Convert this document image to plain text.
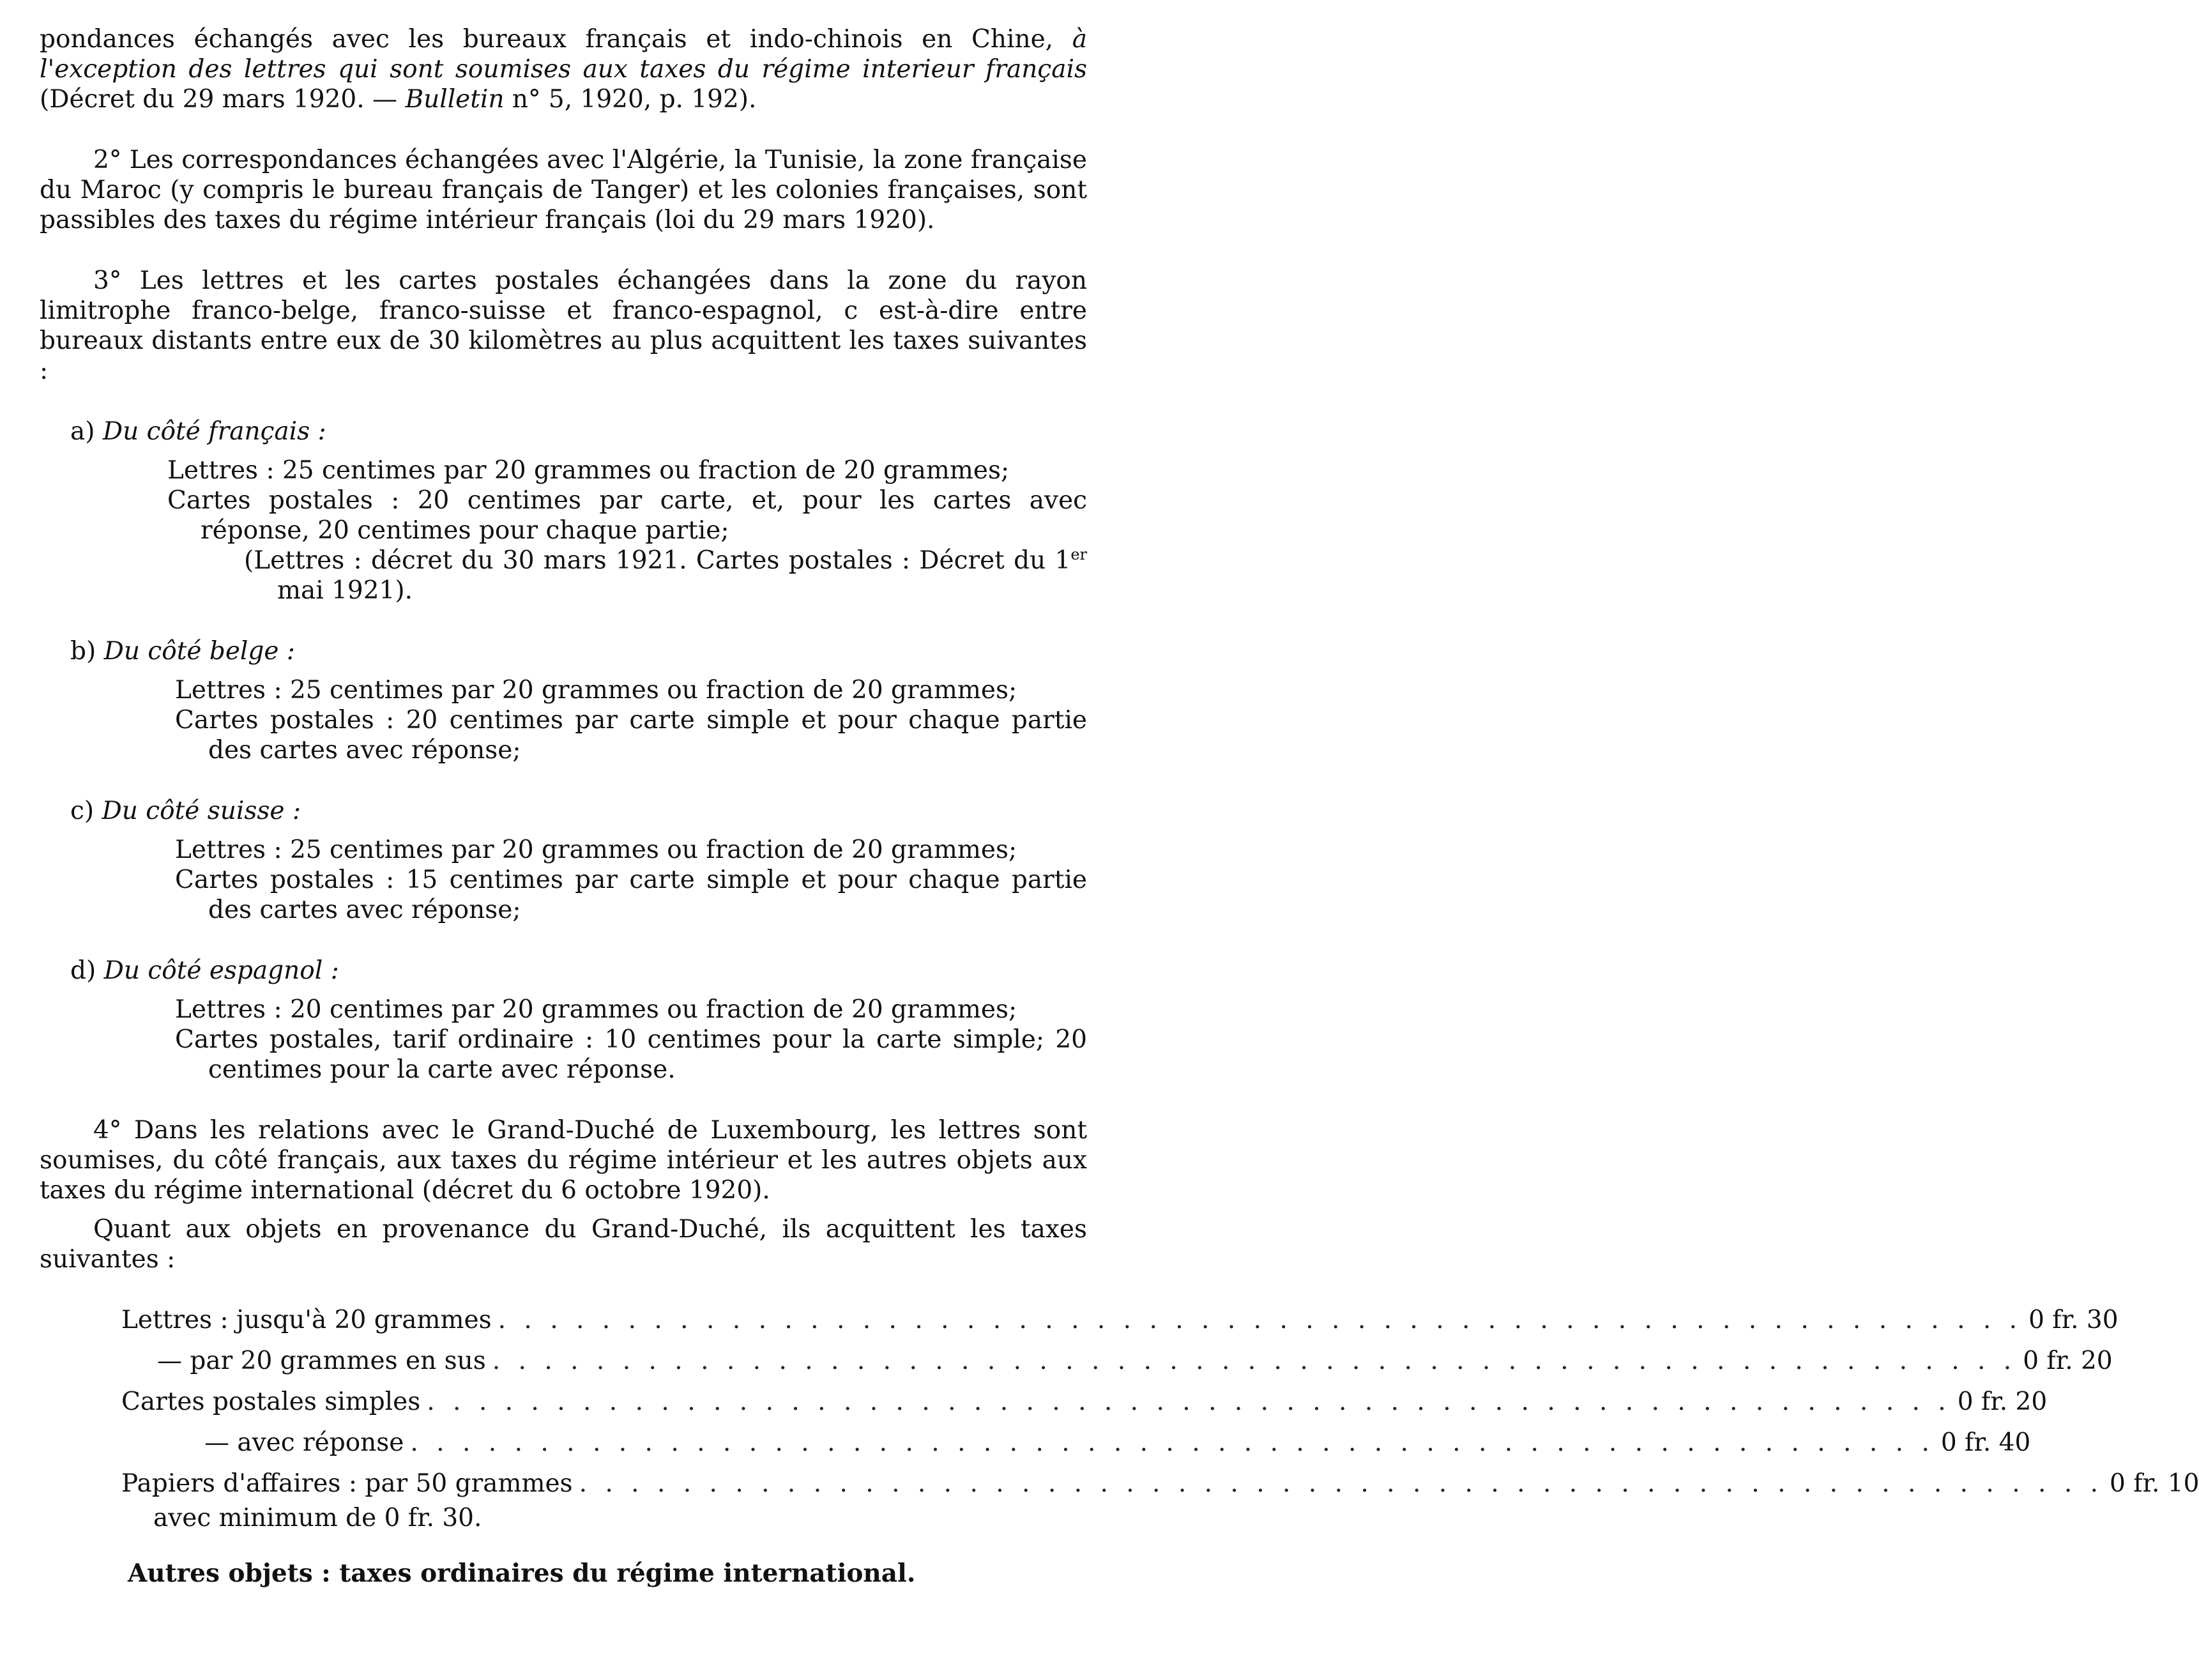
pondances échangés avec les bureaux français et indo-chinois en Chine, à l'exception des lettres qui sont soumises aux taxes du régime interieur français (Décret du 29 mars 1920. — Bulletin n° 5, 1920, p. 192).

2° Les correspondances échangées avec l'Algérie, la Tunisie, la zone française du Maroc (y compris le bureau français de Tanger) et les colonies françaises, sont passibles des taxes du régime intérieur français (loi du 29 mars 1920).

3° Les lettres et les cartes postales échangées dans la zone du rayon limitrophe franco-belge, franco-suisse et franco-espagnol, c est-à-dire entre bureaux distants entre eux de 30 kilomètres au plus acquittent les taxes suivantes :

a) Du côté français :

Lettres : 25 centimes par 20 grammes ou fraction de 20 grammes;

Cartes postales : 20 centimes par carte, et, pour les cartes avec réponse, 20 centimes pour chaque partie;

(Lettres : décret du 30 mars 1921. Cartes postales : Décret du 1er mai 1921).

b) Du côté belge :

Lettres : 25 centimes par 20 grammes ou fraction de 20 grammes;

Cartes postales : 20 centimes par carte simple et pour chaque partie des cartes avec réponse;

c) Du côté suisse :

Lettres : 25 centimes par 20 grammes ou fraction de 20 grammes;

Cartes postales : 15 centimes par carte simple et pour chaque partie des cartes avec réponse;

d) Du côté espagnol :

Lettres : 20 centimes par 20 grammes ou fraction de 20 grammes;

Cartes postales, tarif ordinaire : 10 centimes pour la carte simple; 20 centimes pour la carte avec réponse.

4° Dans les relations avec le Grand-Duché de Luxembourg, les lettres sont soumises, du côté français, aux taxes du régime intérieur et les autres objets aux taxes du régime international (décret du 6 octobre 1920).

Quant aux objets en provenance du Grand-Duché, ils acquittent les taxes suivantes :

Lettres : jusqu'à 20 grammes . . . . . . . . . . . . . . . . . . . . . . . . . . . . . . . . . . . . . . . . . . . . . . . . . . . . . . . . . . . 0 fr. 30
— par 20 grammes en sus . . . . . . . . . . . . . . . . . . . . . . . . . . . . . . . . . . . . . . . . . . . . . . . . . . . . . . . . . . . 0 fr. 20
Cartes postales simples . . . . . . . . . . . . . . . . . . . . . . . . . . . . . . . . . . . . . . . . . . . . . . . . . . . . . . . . . . . 0 fr. 20
— avec réponse . . . . . . . . . . . . . . . . . . . . . . . . . . . . . . . . . . . . . . . . . . . . . . . . . . . . . . . . . . . 0 fr. 40
Papiers d'affaires : par 50 grammes . . . . . . . . . . . . . . . . . . . . . . . . . . . . . . . . . . . . . . . . . . . . . . . . . . . . . . . . . . . 0 fr. 10

avec minimum de 0 fr. 30.

Autres objets : taxes ordinaires du régime international.
